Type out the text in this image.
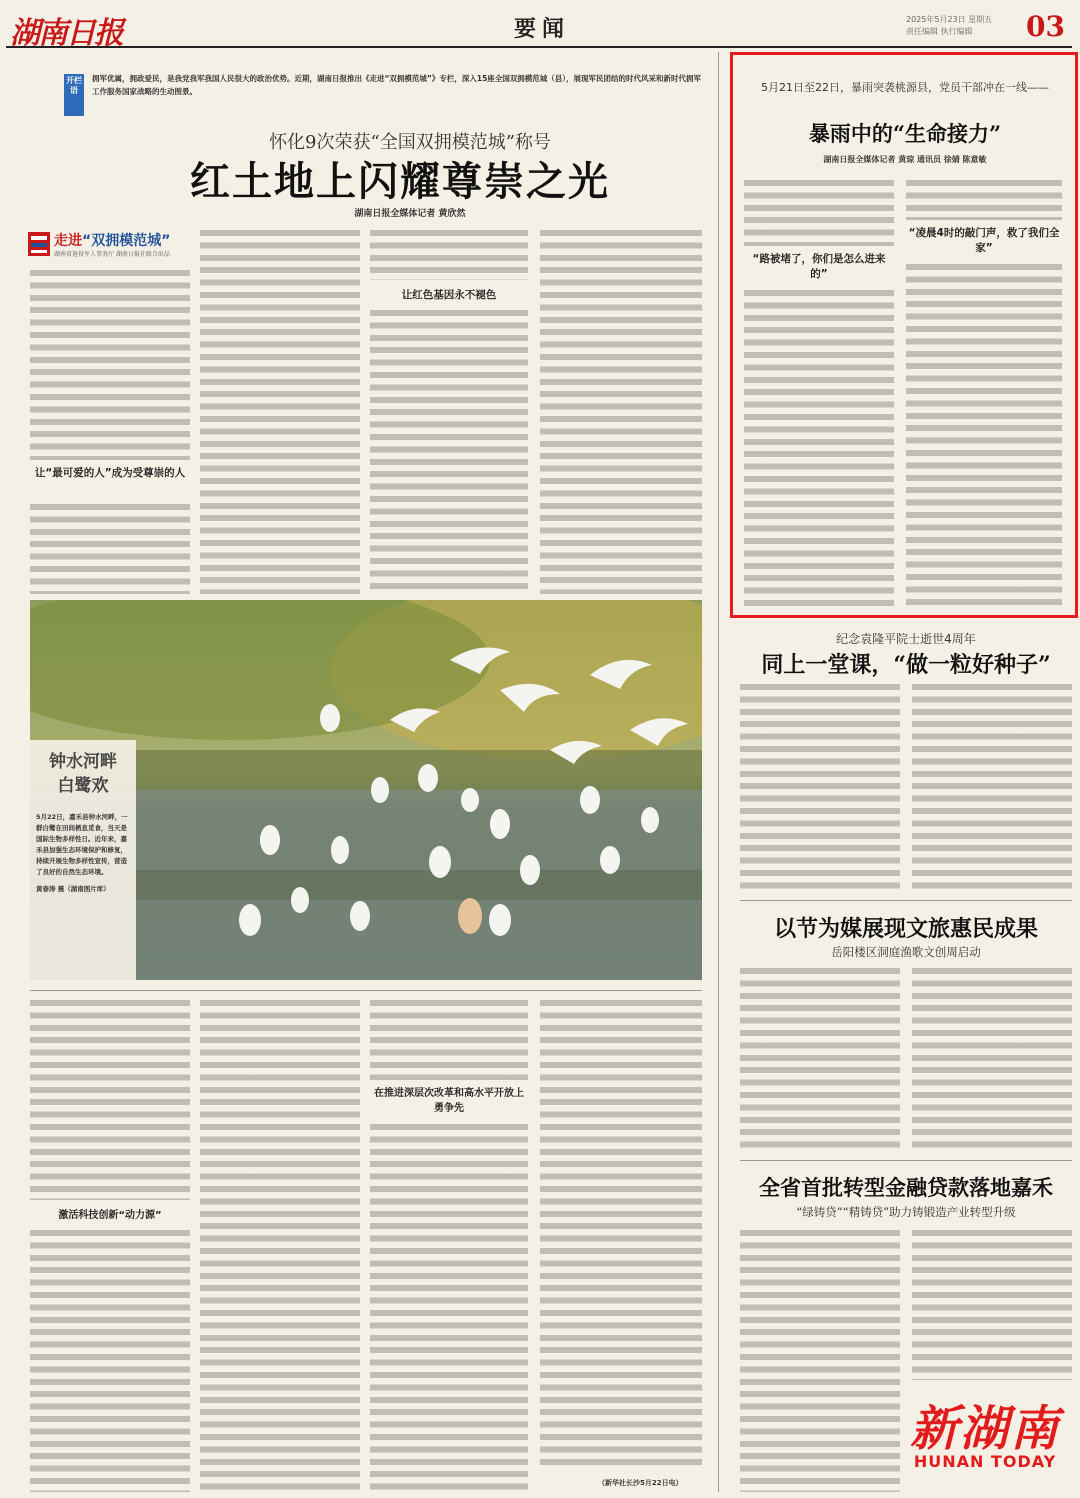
湖南日报	要闻	2025年5月23日 星期五
责任编辑 执行编辑	03
开栏语
拥军优属，拥政爱民，是我党我军我国人民很大的政治优势。近期，湖南日报推出《走进“双拥模范城”》专栏，深入15座全国双拥模范城（县），展现军民团结的时代风采和新时代拥军工作服务国家战略的生动图景。
怀化9次荣获“全国双拥模范城”称号
红土地上闪耀尊崇之光
湖南日报全媒体记者 黄欣然
走进“双拥模范城”
湖南省退役军人事务厅 湖南日报社联合出品
让“最可爱的人”成为受尊崇的人
让红色基因永不褪色
钟水河畔
白鹭欢
5月22日，嘉禾县钟水河畔，一群白鹭在田间栖息觅食，当天是国际生物多样性日。近年来，嘉禾县加强生态环境保护和修复，持续开展生物多样性宣传，营造了良好的自然生态环境。
黄春涛 摄（湖南图片库）
5月21日至22日，暴雨突袭桃源县，党员干部冲在一线——
暴雨中的“生命接力”
湖南日报全媒体记者 黄琼 通讯员 徐婧 陈意敏
“路被堵了，你们是怎么进来的”
“凌晨4时的敲门声，救了我们全家”
纪念袁隆平院士逝世4周年
同上一堂课，“做一粒好种子”
以节为媒展现文旅惠民成果
岳阳楼区洞庭渔歌文创周启动
全省首批转型金融贷款落地嘉禾
“绿铸贷”“精铸贷”助力铸锻造产业转型升级
激活科技创新“动力源”
在推进深层次改革和高水平开放上勇争先
（新华社长沙5月22日电）
新湖南
HUNAN TODAY
